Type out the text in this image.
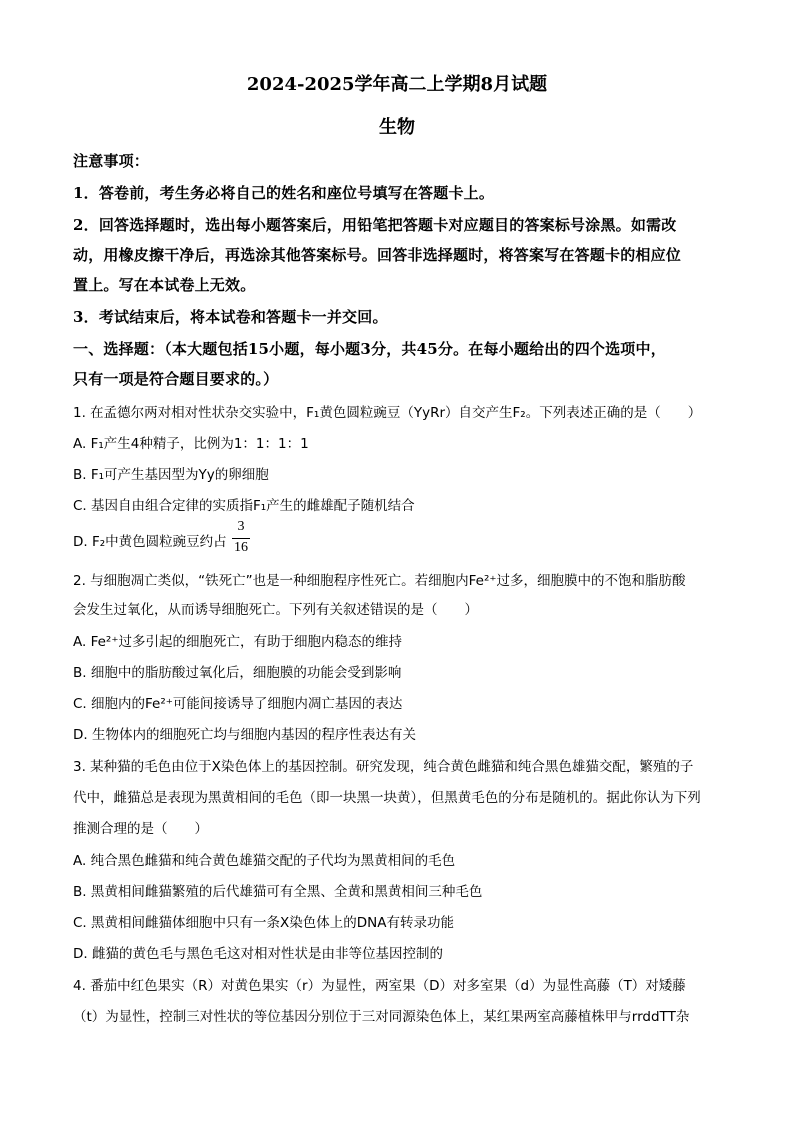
2024-2025学年高二上学期8月试题
生物
注意事项：
1．答卷前，考生务必将自己的姓名和座位号填写在答题卡上。
2．回答选择题时，选出每小题答案后，用铅笔把答题卡对应题目的答案标号涂黑。如需改
动，用橡皮擦干净后，再选涂其他答案标号。回答非选择题时，将答案写在答题卡的相应位
置上。写在本试卷上无效。
3．考试结束后，将本试卷和答题卡一并交回。
一、选择题：（本大题包括15小题，每小题3分，共45分。在每小题给出的四个选项中，
只有一项是符合题目要求的。）
1. 在孟德尔两对相对性状杂交实验中，F₁黄色圆粒豌豆（YyRr）自交产生F₂。下列表述正确的是（　　）
A. F₁产生4种精子，比例为1：1：1：1
B. F₁可产生基因型为Yy的卵细胞
C. 基因自由组合定律的实质指F₁产生的雌雄配子随机结合
D. F₂中黄色圆粒豌豆约占
3
16
2. 与细胞凋亡类似，“铁死亡”也是一种细胞程序性死亡。若细胞内Fe²⁺过多，细胞膜中的不饱和脂肪酸
会发生过氧化，从而诱导细胞死亡。下列有关叙述错误的是（　　）
A. Fe²⁺过多引起的细胞死亡，有助于细胞内稳态的维持
B. 细胞中的脂肪酸过氧化后，细胞膜的功能会受到影响
C. 细胞内的Fe²⁺可能间接诱导了细胞内凋亡基因的表达
D. 生物体内的细胞死亡均与细胞内基因的程序性表达有关
3. 某种猫的毛色由位于X染色体上的基因控制。研究发现，纯合黄色雌猫和纯合黑色雄猫交配，繁殖的子
代中，雌猫总是表现为黑黄相间的毛色（即一块黑一块黄），但黑黄毛色的分布是随机的。据此你认为下列
推测合理的是（　　）
A. 纯合黑色雌猫和纯合黄色雄猫交配的子代均为黑黄相间的毛色
B. 黑黄相间雌猫繁殖的后代雄猫可有全黑、全黄和黑黄相间三种毛色
C. 黑黄相间雌猫体细胞中只有一条X染色体上的DNA有转录功能
D. 雌猫的黄色毛与黑色毛这对相对性状是由非等位基因控制的
4. 番茄中红色果实（R）对黄色果实（r）为显性，两室果（D）对多室果（d）为显性高藤（T）对矮藤
（t）为显性，控制三对性状的等位基因分别位于三对同源染色体上，某红果两室高藤植株甲与rrddTT杂
